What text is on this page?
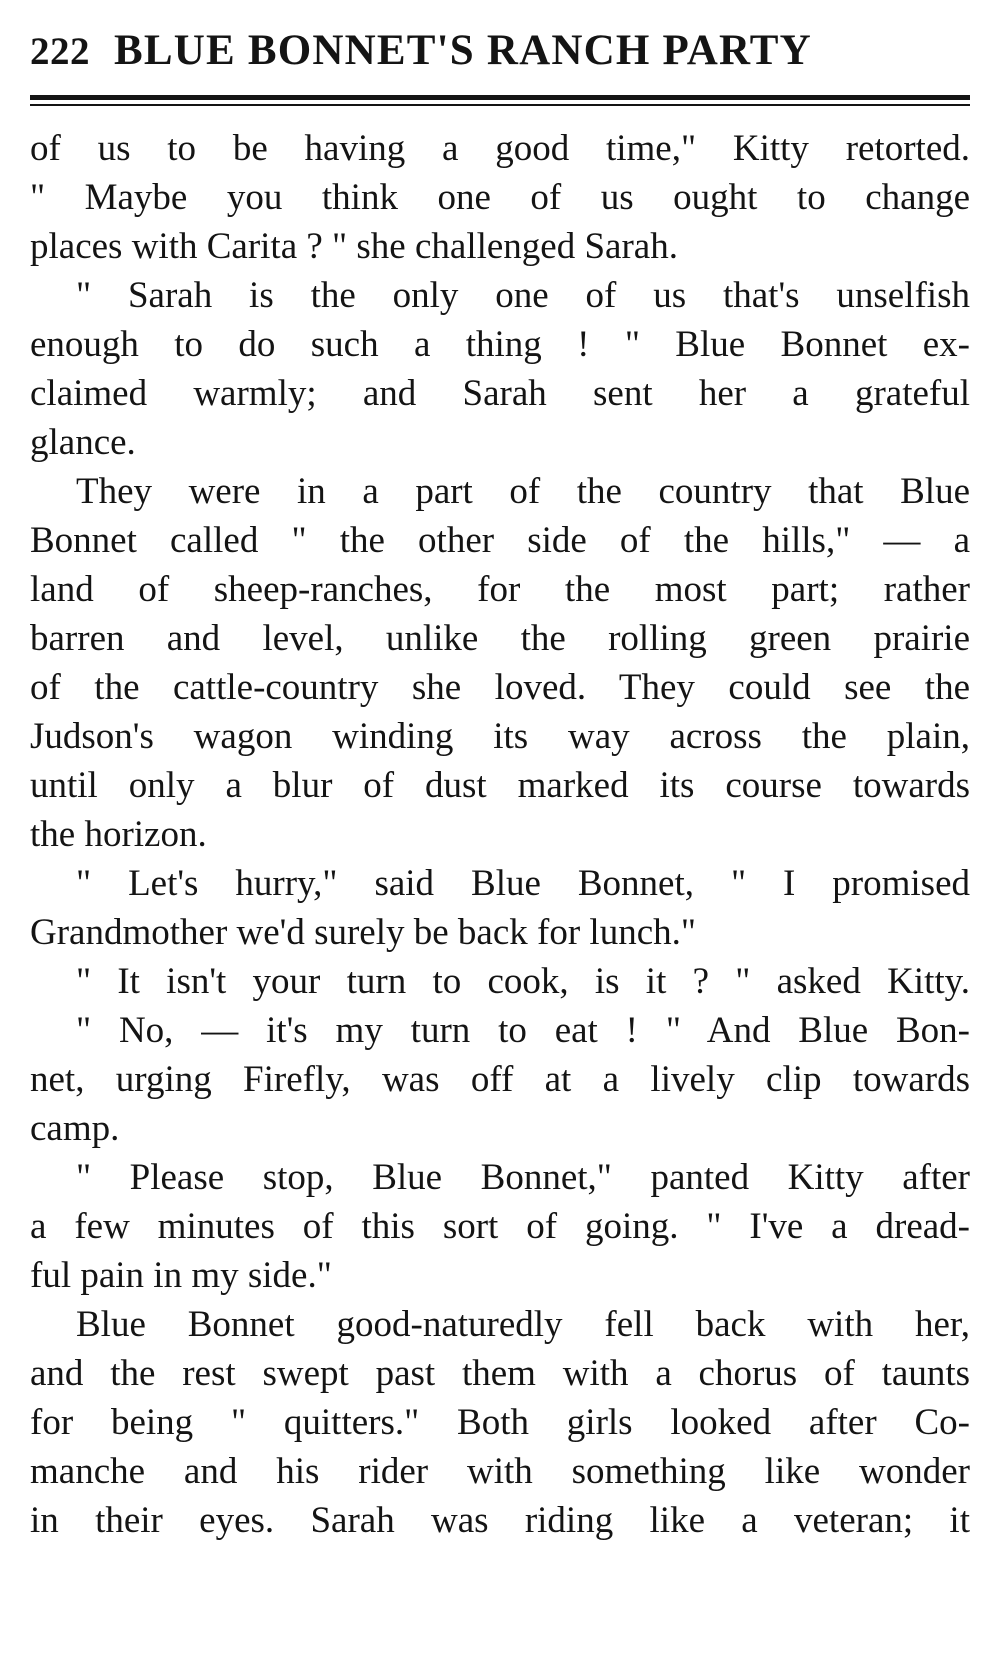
222 BLUE BONNET'S RANCH PARTY
of us to be having a good time," Kitty retorted.
" Maybe you think one of us ought to change
places with Carita ? " she challenged Sarah.
" Sarah is the only one of us that's unselfish
enough to do such a thing ! " Blue Bonnet ex-
claimed warmly; and Sarah sent her a grateful
glance.
They were in a part of the country that Blue
Bonnet called " the other side of the hills," — a
land of sheep-ranches, for the most part; rather
barren and level, unlike the rolling green prairie
of the cattle-country she loved. They could see the
Judson's wagon winding its way across the plain,
until only a blur of dust marked its course towards
the horizon.
" Let's hurry," said Blue Bonnet, " I promised
Grandmother we'd surely be back for lunch."
" It isn't your turn to cook, is it ? " asked Kitty.
" No, — it's my turn to eat ! " And Blue Bon-
net, urging Firefly, was off at a lively clip towards
camp.
" Please stop, Blue Bonnet," panted Kitty after
a few minutes of this sort of going. " I've a dread-
ful pain in my side."
Blue Bonnet good-naturedly fell back with her,
and the rest swept past them with a chorus of taunts
for being " quitters." Both girls looked after Co-
manche and his rider with something like wonder
in their eyes. Sarah was riding like a veteran; it
